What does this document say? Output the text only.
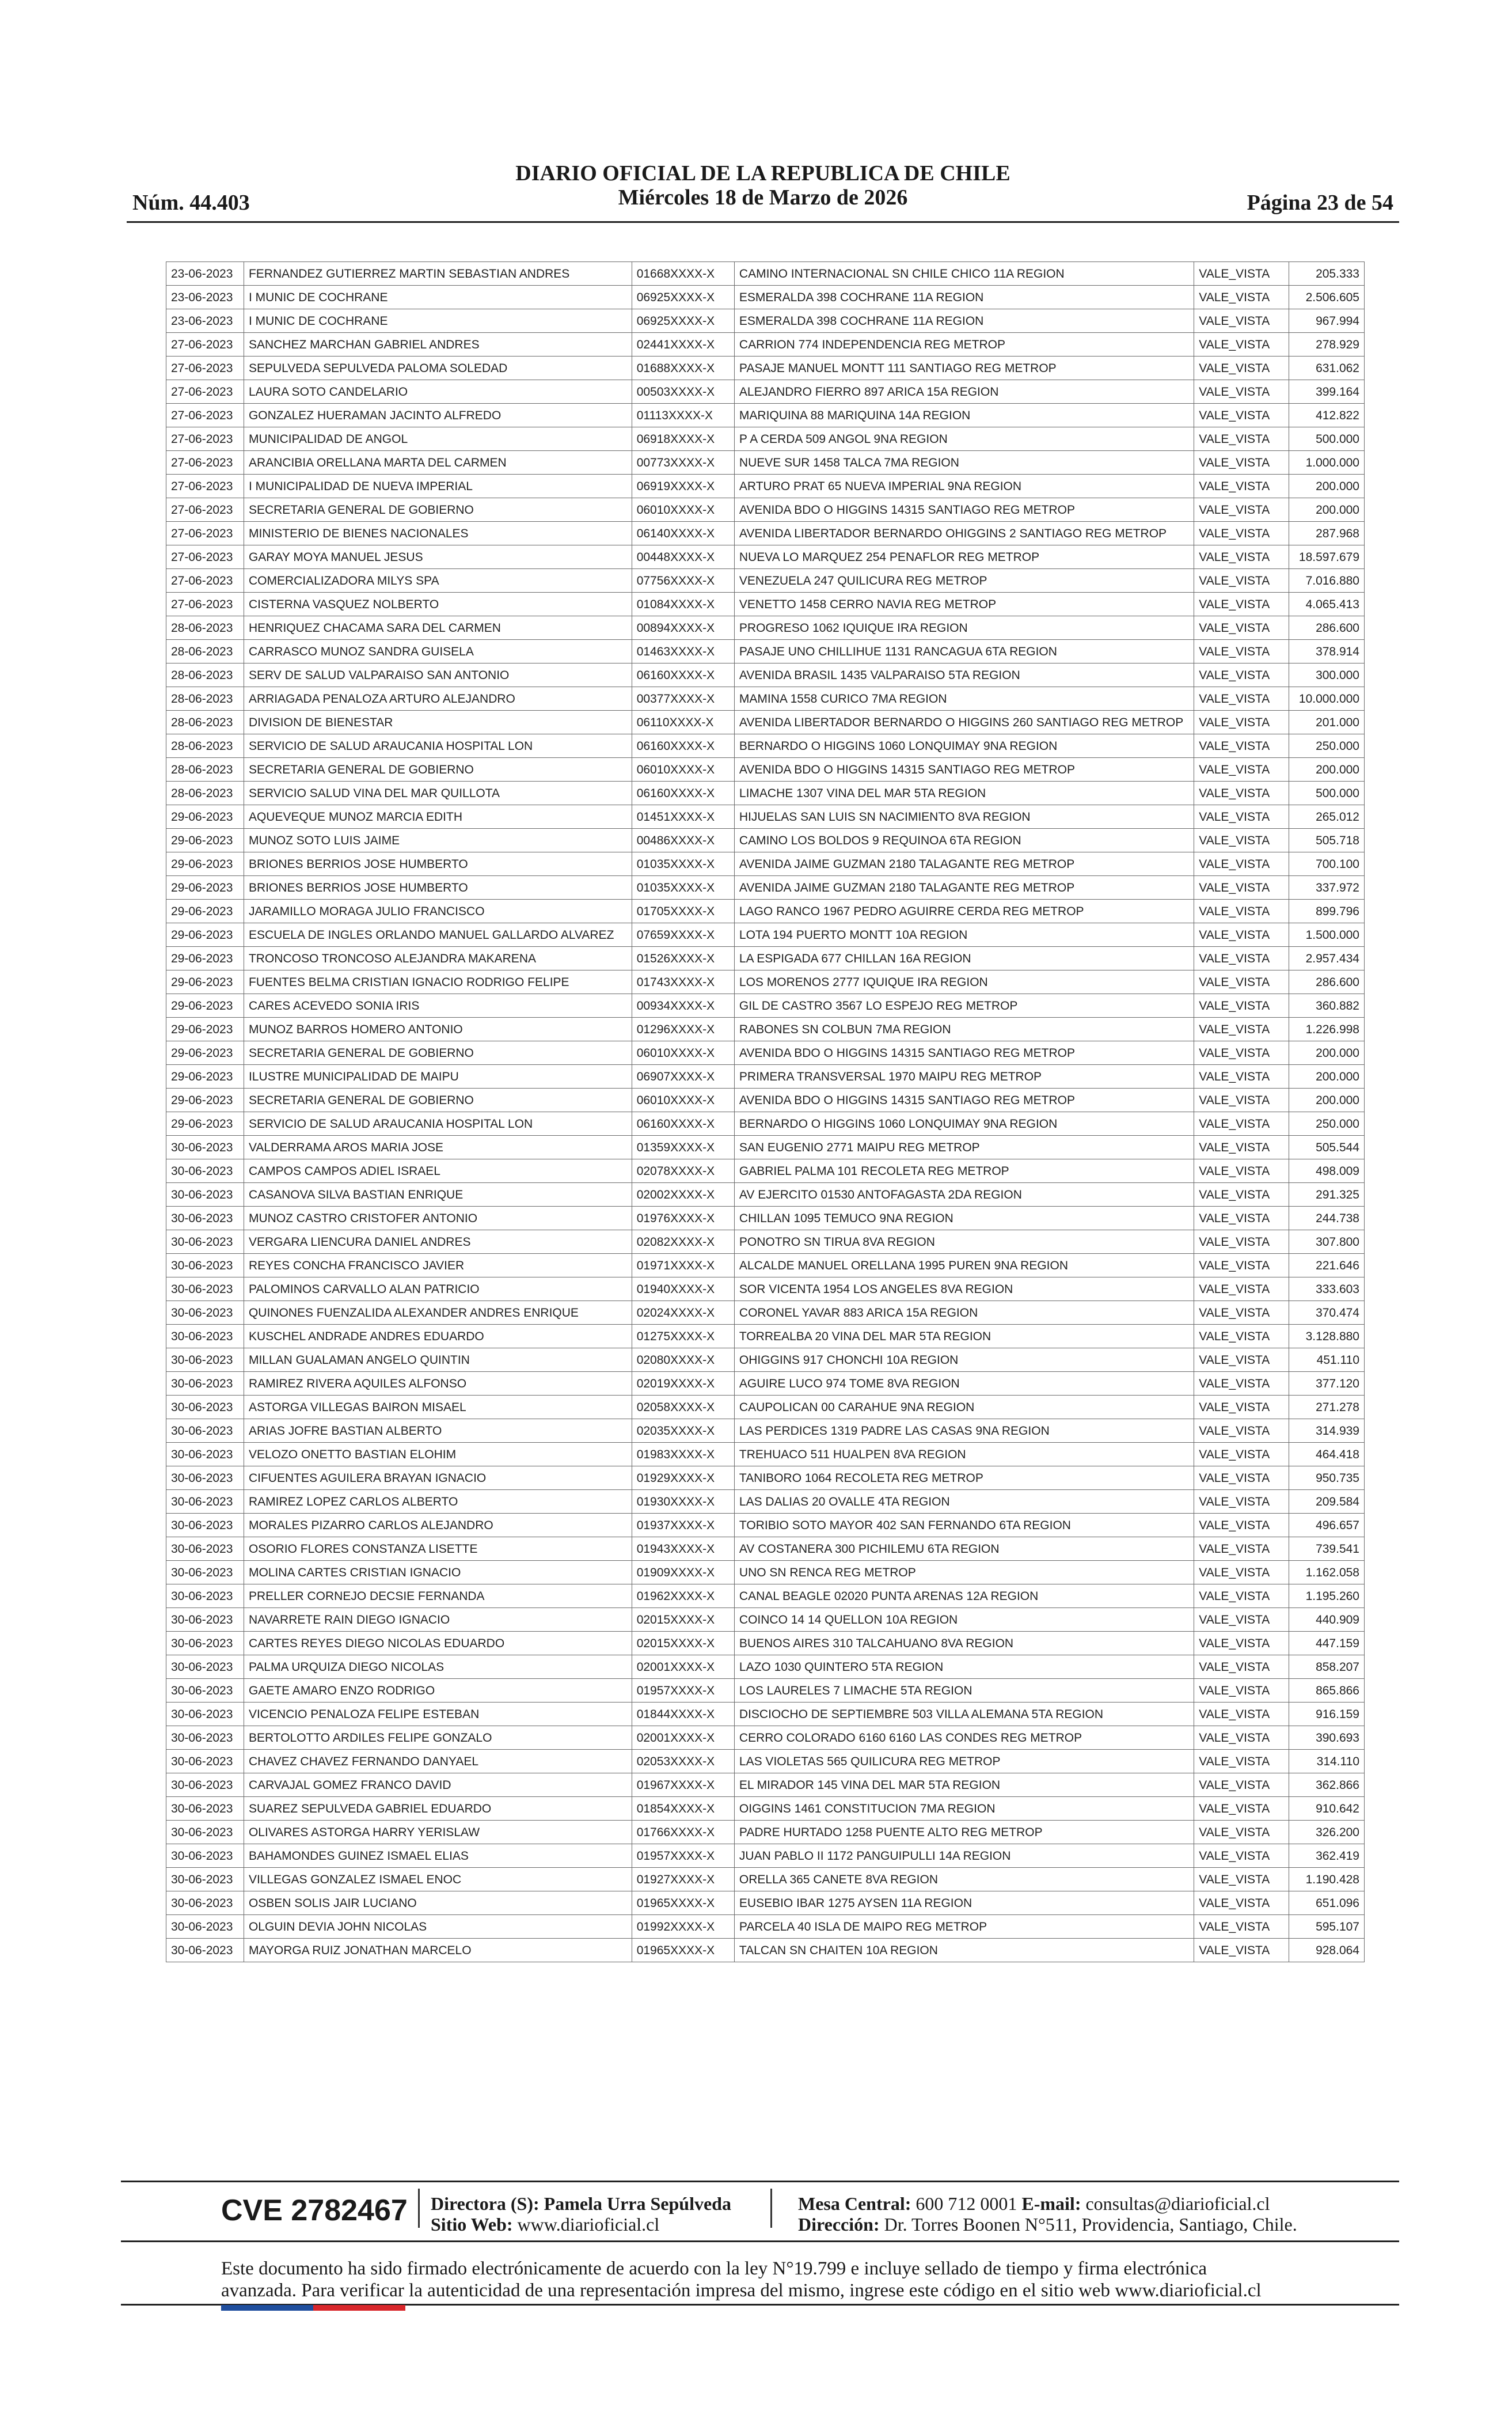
Núm. 44.403
DIARIO OFICIAL DE LA REPUBLICA DE CHILE
Miércoles 18 de Marzo de 2026	Página 23 de 54
23-06-2023	FERNANDEZ GUTIERREZ MARTIN SEBASTIAN ANDRES	01668XXXX-X	CAMINO INTERNACIONAL SN CHILE CHICO 11A REGION	VALE_VISTA	205.333
23-06-2023	I MUNIC DE COCHRANE	06925XXXX-X	ESMERALDA 398 COCHRANE 11A REGION	VALE_VISTA	2.506.605
23-06-2023	I MUNIC DE COCHRANE	06925XXXX-X	ESMERALDA 398 COCHRANE 11A REGION	VALE_VISTA	967.994
27-06-2023	SANCHEZ MARCHAN GABRIEL ANDRES	02441XXXX-X	CARRION 774 INDEPENDENCIA REG METROP	VALE_VISTA	278.929
27-06-2023	SEPULVEDA SEPULVEDA PALOMA SOLEDAD	01688XXXX-X	PASAJE MANUEL MONTT 111 SANTIAGO REG METROP	VALE_VISTA	631.062
27-06-2023	LAURA SOTO CANDELARIO	00503XXXX-X	ALEJANDRO FIERRO 897 ARICA 15A REGION	VALE_VISTA	399.164
27-06-2023	GONZALEZ HUERAMAN JACINTO ALFREDO	01113XXXX-X	MARIQUINA 88 MARIQUINA 14A REGION	VALE_VISTA	412.822
27-06-2023	MUNICIPALIDAD DE ANGOL	06918XXXX-X	P A CERDA 509 ANGOL 9NA REGION	VALE_VISTA	500.000
27-06-2023	ARANCIBIA ORELLANA MARTA DEL CARMEN	00773XXXX-X	NUEVE SUR 1458 TALCA 7MA REGION	VALE_VISTA	1.000.000
27-06-2023	I MUNICIPALIDAD DE NUEVA IMPERIAL	06919XXXX-X	ARTURO PRAT 65 NUEVA IMPERIAL 9NA REGION	VALE_VISTA	200.000
27-06-2023	SECRETARIA GENERAL DE GOBIERNO	06010XXXX-X	AVENIDA BDO O HIGGINS 14315 SANTIAGO REG METROP	VALE_VISTA	200.000
27-06-2023	MINISTERIO DE BIENES NACIONALES	06140XXXX-X	AVENIDA LIBERTADOR BERNARDO OHIGGINS 2 SANTIAGO REG METROP	VALE_VISTA	287.968
27-06-2023	GARAY MOYA MANUEL JESUS	00448XXXX-X	NUEVA LO MARQUEZ 254 PENAFLOR REG METROP	VALE_VISTA	18.597.679
27-06-2023	COMERCIALIZADORA MILYS SPA	07756XXXX-X	VENEZUELA 247 QUILICURA REG METROP	VALE_VISTA	7.016.880
27-06-2023	CISTERNA VASQUEZ NOLBERTO	01084XXXX-X	VENETTO 1458 CERRO NAVIA REG METROP	VALE_VISTA	4.065.413
28-06-2023	HENRIQUEZ CHACAMA SARA DEL CARMEN	00894XXXX-X	PROGRESO 1062 IQUIQUE IRA REGION	VALE_VISTA	286.600
28-06-2023	CARRASCO MUNOZ SANDRA GUISELA	01463XXXX-X	PASAJE UNO CHILLIHUE 1131 RANCAGUA 6TA REGION	VALE_VISTA	378.914
28-06-2023	SERV DE SALUD VALPARAISO SAN ANTONIO	06160XXXX-X	AVENIDA BRASIL 1435 VALPARAISO 5TA REGION	VALE_VISTA	300.000
28-06-2023	ARRIAGADA PENALOZA ARTURO ALEJANDRO	00377XXXX-X	MAMINA 1558 CURICO 7MA REGION	VALE_VISTA	10.000.000
28-06-2023	DIVISION DE BIENESTAR	06110XXXX-X	AVENIDA LIBERTADOR BERNARDO O HIGGINS 260 SANTIAGO REG METROP	VALE_VISTA	201.000
28-06-2023	SERVICIO DE SALUD ARAUCANIA HOSPITAL LON	06160XXXX-X	BERNARDO O HIGGINS 1060 LONQUIMAY 9NA REGION	VALE_VISTA	250.000
28-06-2023	SECRETARIA GENERAL DE GOBIERNO	06010XXXX-X	AVENIDA BDO O HIGGINS 14315 SANTIAGO REG METROP	VALE_VISTA	200.000
28-06-2023	SERVICIO SALUD VINA DEL MAR QUILLOTA	06160XXXX-X	LIMACHE 1307 VINA DEL MAR 5TA REGION	VALE_VISTA	500.000
29-06-2023	AQUEVEQUE MUNOZ MARCIA EDITH	01451XXXX-X	HIJUELAS SAN LUIS SN NACIMIENTO 8VA REGION	VALE_VISTA	265.012
29-06-2023	MUNOZ SOTO LUIS JAIME	00486XXXX-X	CAMINO LOS BOLDOS 9 REQUINOA 6TA REGION	VALE_VISTA	505.718
29-06-2023	BRIONES BERRIOS JOSE HUMBERTO	01035XXXX-X	AVENIDA JAIME GUZMAN 2180 TALAGANTE REG METROP	VALE_VISTA	700.100
29-06-2023	BRIONES BERRIOS JOSE HUMBERTO	01035XXXX-X	AVENIDA JAIME GUZMAN 2180 TALAGANTE REG METROP	VALE_VISTA	337.972
29-06-2023	JARAMILLO MORAGA JULIO FRANCISCO	01705XXXX-X	LAGO RANCO 1967 PEDRO AGUIRRE CERDA REG METROP	VALE_VISTA	899.796
29-06-2023	ESCUELA DE INGLES ORLANDO MANUEL GALLARDO ALVAREZ	07659XXXX-X	LOTA 194 PUERTO MONTT 10A REGION	VALE_VISTA	1.500.000
29-06-2023	TRONCOSO TRONCOSO ALEJANDRA MAKARENA	01526XXXX-X	LA ESPIGADA 677 CHILLAN 16A REGION	VALE_VISTA	2.957.434
29-06-2023	FUENTES BELMA CRISTIAN IGNACIO RODRIGO FELIPE	01743XXXX-X	LOS MORENOS 2777 IQUIQUE IRA REGION	VALE_VISTA	286.600
29-06-2023	CARES ACEVEDO SONIA IRIS	00934XXXX-X	GIL DE CASTRO 3567 LO ESPEJO REG METROP	VALE_VISTA	360.882
29-06-2023	MUNOZ BARROS HOMERO ANTONIO	01296XXXX-X	RABONES SN COLBUN 7MA REGION	VALE_VISTA	1.226.998
29-06-2023	SECRETARIA GENERAL DE GOBIERNO	06010XXXX-X	AVENIDA BDO O HIGGINS 14315 SANTIAGO REG METROP	VALE_VISTA	200.000
29-06-2023	ILUSTRE MUNICIPALIDAD DE MAIPU	06907XXXX-X	PRIMERA TRANSVERSAL 1970 MAIPU REG METROP	VALE_VISTA	200.000
29-06-2023	SECRETARIA GENERAL DE GOBIERNO	06010XXXX-X	AVENIDA BDO O HIGGINS 14315 SANTIAGO REG METROP	VALE_VISTA	200.000
29-06-2023	SERVICIO DE SALUD ARAUCANIA HOSPITAL LON	06160XXXX-X	BERNARDO O HIGGINS 1060 LONQUIMAY 9NA REGION	VALE_VISTA	250.000
30-06-2023	VALDERRAMA AROS MARIA JOSE	01359XXXX-X	SAN EUGENIO 2771 MAIPU REG METROP	VALE_VISTA	505.544
30-06-2023	CAMPOS CAMPOS ADIEL ISRAEL	02078XXXX-X	GABRIEL PALMA 101 RECOLETA REG METROP	VALE_VISTA	498.009
30-06-2023	CASANOVA SILVA BASTIAN ENRIQUE	02002XXXX-X	AV EJERCITO 01530 ANTOFAGASTA 2DA REGION	VALE_VISTA	291.325
30-06-2023	MUNOZ CASTRO CRISTOFER ANTONIO	01976XXXX-X	CHILLAN 1095 TEMUCO 9NA REGION	VALE_VISTA	244.738
30-06-2023	VERGARA LIENCURA DANIEL ANDRES	02082XXXX-X	PONOTRO SN TIRUA 8VA REGION	VALE_VISTA	307.800
30-06-2023	REYES CONCHA FRANCISCO JAVIER	01971XXXX-X	ALCALDE MANUEL ORELLANA 1995 PUREN 9NA REGION	VALE_VISTA	221.646
30-06-2023	PALOMINOS CARVALLO ALAN PATRICIO	01940XXXX-X	SOR VICENTA 1954 LOS ANGELES 8VA REGION	VALE_VISTA	333.603
30-06-2023	QUINONES FUENZALIDA ALEXANDER ANDRES ENRIQUE	02024XXXX-X	CORONEL YAVAR 883 ARICA 15A REGION	VALE_VISTA	370.474
30-06-2023	KUSCHEL ANDRADE ANDRES EDUARDO	01275XXXX-X	TORREALBA 20 VINA DEL MAR 5TA REGION	VALE_VISTA	3.128.880
30-06-2023	MILLAN GUALAMAN ANGELO QUINTIN	02080XXXX-X	OHIGGINS 917 CHONCHI 10A REGION	VALE_VISTA	451.110
30-06-2023	RAMIREZ RIVERA AQUILES ALFONSO	02019XXXX-X	AGUIRE LUCO 974 TOME 8VA REGION	VALE_VISTA	377.120
30-06-2023	ASTORGA VILLEGAS BAIRON MISAEL	02058XXXX-X	CAUPOLICAN 00 CARAHUE 9NA REGION	VALE_VISTA	271.278
30-06-2023	ARIAS JOFRE BASTIAN ALBERTO	02035XXXX-X	LAS PERDICES 1319 PADRE LAS CASAS 9NA REGION	VALE_VISTA	314.939
30-06-2023	VELOZO ONETTO BASTIAN ELOHIM	01983XXXX-X	TREHUACO 511 HUALPEN 8VA REGION	VALE_VISTA	464.418
30-06-2023	CIFUENTES AGUILERA BRAYAN IGNACIO	01929XXXX-X	TANIBORO 1064 RECOLETA REG METROP	VALE_VISTA	950.735
30-06-2023	RAMIREZ LOPEZ CARLOS ALBERTO	01930XXXX-X	LAS DALIAS 20 OVALLE 4TA REGION	VALE_VISTA	209.584
30-06-2023	MORALES PIZARRO CARLOS ALEJANDRO	01937XXXX-X	TORIBIO SOTO MAYOR 402 SAN FERNANDO 6TA REGION	VALE_VISTA	496.657
30-06-2023	OSORIO FLORES CONSTANZA LISETTE	01943XXXX-X	AV COSTANERA 300 PICHILEMU 6TA REGION	VALE_VISTA	739.541
30-06-2023	MOLINA CARTES CRISTIAN IGNACIO	01909XXXX-X	UNO SN RENCA REG METROP	VALE_VISTA	1.162.058
30-06-2023	PRELLER CORNEJO DECSIE FERNANDA	01962XXXX-X	CANAL BEAGLE 02020 PUNTA ARENAS 12A REGION	VALE_VISTA	1.195.260
30-06-2023	NAVARRETE RAIN DIEGO IGNACIO	02015XXXX-X	COINCO 14 14 QUELLON 10A REGION	VALE_VISTA	440.909
30-06-2023	CARTES REYES DIEGO NICOLAS EDUARDO	02015XXXX-X	BUENOS AIRES 310 TALCAHUANO 8VA REGION	VALE_VISTA	447.159
30-06-2023	PALMA URQUIZA DIEGO NICOLAS	02001XXXX-X	LAZO 1030 QUINTERO 5TA REGION	VALE_VISTA	858.207
30-06-2023	GAETE AMARO ENZO RODRIGO	01957XXXX-X	LOS LAURELES 7 LIMACHE 5TA REGION	VALE_VISTA	865.866
30-06-2023	VICENCIO PENALOZA FELIPE ESTEBAN	01844XXXX-X	DISCIOCHO DE SEPTIEMBRE 503 VILLA ALEMANA 5TA REGION	VALE_VISTA	916.159
30-06-2023	BERTOLOTTO ARDILES FELIPE GONZALO	02001XXXX-X	CERRO COLORADO 6160 6160 LAS CONDES REG METROP	VALE_VISTA	390.693
30-06-2023	CHAVEZ CHAVEZ FERNANDO DANYAEL	02053XXXX-X	LAS VIOLETAS 565 QUILICURA REG METROP	VALE_VISTA	314.110
30-06-2023	CARVAJAL GOMEZ FRANCO DAVID	01967XXXX-X	EL MIRADOR 145 VINA DEL MAR 5TA REGION	VALE_VISTA	362.866
30-06-2023	SUAREZ SEPULVEDA GABRIEL EDUARDO	01854XXXX-X	OIGGINS 1461 CONSTITUCION 7MA REGION	VALE_VISTA	910.642
30-06-2023	OLIVARES ASTORGA HARRY YERISLAW	01766XXXX-X	PADRE HURTADO 1258 PUENTE ALTO REG METROP	VALE_VISTA	326.200
30-06-2023	BAHAMONDES GUINEZ ISMAEL ELIAS	01957XXXX-X	JUAN PABLO II 1172 PANGUIPULLI 14A REGION	VALE_VISTA	362.419
30-06-2023	VILLEGAS GONZALEZ ISMAEL ENOC	01927XXXX-X	ORELLA 365 CANETE 8VA REGION	VALE_VISTA	1.190.428
30-06-2023	OSBEN SOLIS JAIR LUCIANO	01965XXXX-X	EUSEBIO IBAR 1275 AYSEN 11A REGION	VALE_VISTA	651.096
30-06-2023	OLGUIN DEVIA JOHN NICOLAS	01992XXXX-X	PARCELA 40 ISLA DE MAIPO REG METROP	VALE_VISTA	595.107
30-06-2023	MAYORGA RUIZ JONATHAN MARCELO	01965XXXX-X	TALCAN SN CHAITEN 10A REGION	VALE_VISTA	928.064
CVE 2782467 Directora (S): Pamela Urra Sepúlveda
Sitio Web: www.diarioficial.cl
Mesa Central: 600 712 0001 E-mail: consultas@diarioficial.cl
Dirección: Dr. Torres Boonen N°511, Providencia, Santiago, Chile.
Este documento ha sido firmado electrónicamente de acuerdo con la ley N°19.799 e incluye sellado de tiempo y firma electrónica
avanzada. Para verificar la autenticidad de una representación impresa del mismo, ingrese este código en el sitio web www.diarioficial.cl
